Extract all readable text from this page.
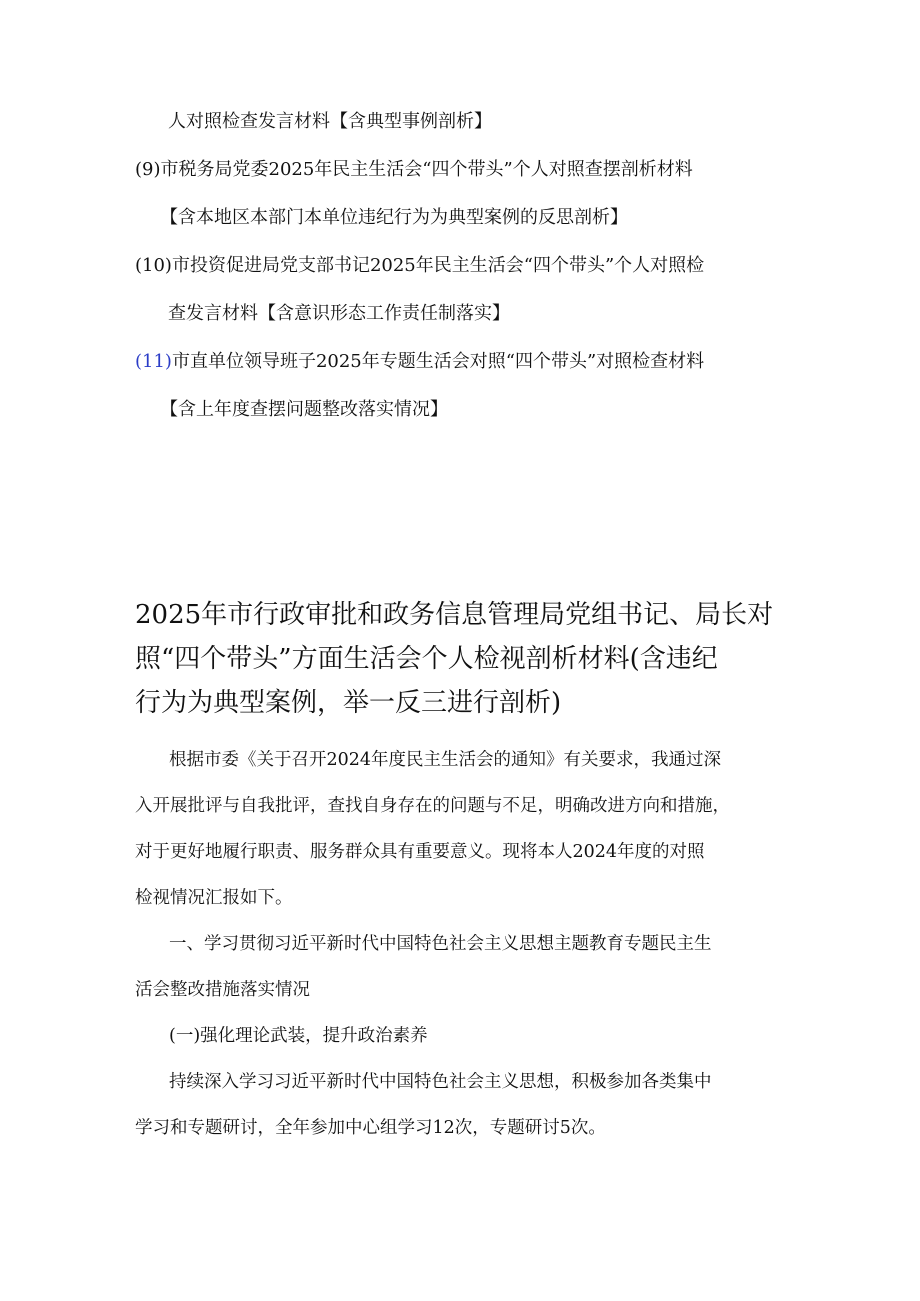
人对照检查发言材料【含典型事例剖析】
(9)市税务局党委2025年民主生活会“四个带头”个人对照查摆剖析材料
【含本地区本部门本单位违纪行为为典型案例的反思剖析】
(10)市投资促进局党支部书记2025年民主生活会“四个带头”个人对照检
查发言材料【含意识形态工作责任制落实】
(11)市直单位领导班子2025年专题生活会对照“四个带头”对照检查材料
【含上年度查摆问题整改落实情况】
2025年市行政审批和政务信息管理局党组书记、局长对
照“四个带头”方面生活会个人检视剖析材料(含违纪
行为为典型案例，举一反三进行剖析)
根据市委《关于召开2024年度民主生活会的通知》有关要求，我通过深
入开展批评与自我批评，查找自身存在的问题与不足，明确改进方向和措施，
对于更好地履行职责、服务群众具有重要意义。现将本人2024年度的对照
检视情况汇报如下。
一、学习贯彻习近平新时代中国特色社会主义思想主题教育专题民主生
活会整改措施落实情况
(一)强化理论武装，提升政治素养
持续深入学习习近平新时代中国特色社会主义思想，积极参加各类集中
学习和专题研讨，全年参加中心组学习12次，专题研讨5次。
